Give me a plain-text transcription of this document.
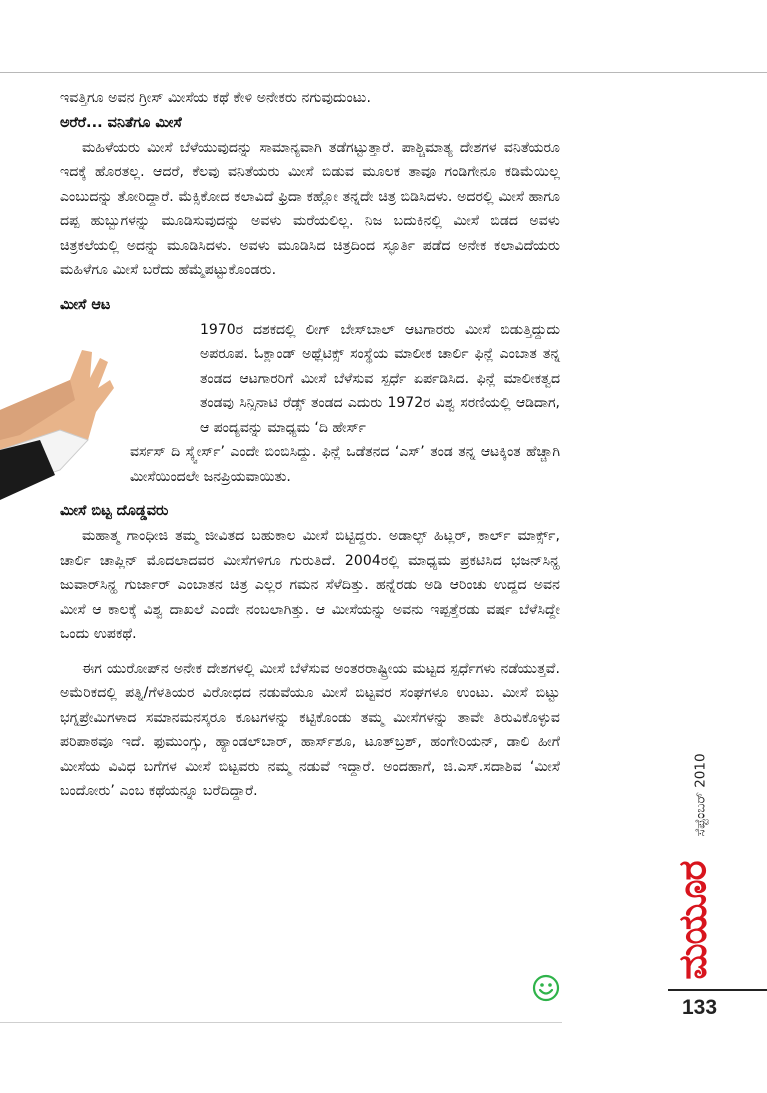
ಇವತ್ತಿಗೂ ಅವನ ಗ್ರೀಸ್ ಮೀಸೆಯ ಕಥೆ ಕೇಳಿ ಅನೇಕರು ನಗುವುದುಂಟು.

ಅರೆರೆ... ವನಿತೆಗೂ ಮೀಸೆ

ಮಹಿಳೆಯರು ಮೀಸೆ ಬೆಳೆಯುವುದನ್ನು ಸಾಮಾನ್ಯವಾಗಿ ತಡೆಗಟ್ಟುತ್ತಾರೆ. ಪಾಶ್ಚಿಮಾತ್ಯ ದೇಶಗಳ ವನಿತೆಯರೂ ಇದಕ್ಕೆ ಹೊರತಲ್ಲ. ಆದರೆ, ಕೆಲವು ವನಿತೆಯರು ಮೀಸೆ ಬಿಡುವ ಮೂಲಕ ತಾವೂ ಗಂಡಿಗೇನೂ ಕಡಿಮೆಯಿಲ್ಲ ಎಂಬುದನ್ನು ತೋರಿದ್ದಾರೆ. ಮೆಕ್ಸಿಕೋದ ಕಲಾವಿದೆ ಫ್ರಿದಾ ಕಹ್ಲೋ ತನ್ನದೇ ಚಿತ್ರ ಬಿಡಿಸಿದಳು. ಅದರಲ್ಲಿ ಮೀಸೆ ಹಾಗೂ ದಪ್ಪ ಹುಬ್ಬುಗಳನ್ನು ಮೂಡಿಸುವುದನ್ನು ಅವಳು ಮರೆಯಲಿಲ್ಲ. ನಿಜ ಬದುಕಿನಲ್ಲಿ ಮೀಸೆ ಬಿಡದ ಅವಳು ಚಿತ್ರಕಲೆಯಲ್ಲಿ ಅದನ್ನು ಮೂಡಿಸಿದಳು. ಅವಳು ಮೂಡಿಸಿದ ಚಿತ್ರದಿಂದ ಸ್ಫೂರ್ತಿ ಪಡೆದ ಅನೇಕ ಕಲಾವಿದೆಯರು ಮಹಿಳೆಗೂ ಮೀಸೆ ಬರೆದು ಹೆಮ್ಮೆಪಟ್ಟುಕೊಂಡರು.

ಮೀಸೆ ಆಟ

1970ರ ದಶಕದಲ್ಲಿ ಲೀಗ್ ಬೇಸ್‌ಬಾಲ್ ಆಟಗಾರರು ಮೀಸೆ ಬಿಡುತ್ತಿದ್ದುದು ಅಪರೂಪ. ಓಕ್ಲಾಂಡ್ ಅಥ್ಲೆಟಿಕ್ಸ್ ಸಂಸ್ಥೆಯ ಮಾಲೀಕ ಚಾರ್ಲಿ ಫಿನ್ಲೆ ಎಂಬಾತ ತನ್ನ ತಂಡದ ಆಟಗಾರರಿಗೆ ಮೀಸೆ ಬೆಳೆಸುವ ಸ್ಪರ್ಧೆ ಏರ್ಪಡಿಸಿದ. ಫಿನ್ಲೆ ಮಾಲೀಕತ್ವದ ತಂಡವು ಸಿನ್ಸಿನಾಟಿ ರೆಡ್ಸ್ ತಂಡದ ಎದುರು 1972ರ ವಿಶ್ವ ಸರಣಿಯಲ್ಲಿ ಆಡಿದಾಗ, ಆ ಪಂದ್ಯವನ್ನು ಮಾಧ್ಯಮ ‘ದಿ ಹೇರ್ಸ್

ವರ್ಸಸ್ ದಿ ಸ್ಕ್ವೇರ್ಸ್’ ಎಂದೇ ಬಿಂಬಿಸಿದ್ದು. ಫಿನ್ಲೆ ಒಡೆತನದ ‘ಎಸ್’ ತಂಡ ತನ್ನ ಆಟಕ್ಕಿಂತ ಹೆಚ್ಚಾಗಿ ಮೀಸೆಯಿಂದಲೇ ಜನಪ್ರಿಯವಾಯಿತು.

ಮೀಸೆ ಬಿಟ್ಟ ದೊಡ್ಡವರು

ಮಹಾತ್ಮ ಗಾಂಧೀಜಿ ತಮ್ಮ ಜೀವಿತದ ಬಹುಕಾಲ ಮೀಸೆ ಬಿಟ್ಟಿದ್ದರು. ಅಡಾಲ್ಫ್ ಹಿಟ್ಲರ್, ಕಾರ್ಲ್ ಮಾರ್ಕ್ಸ್, ಚಾರ್ಲಿ ಚಾಪ್ಲಿನ್ ಮೊದಲಾದವರ ಮೀಸೆಗಳಿಗೂ ಗುರುತಿದೆ. 2004ರಲ್ಲಿ ಮಾಧ್ಯಮ ಪ್ರಕಟಿಸಿದ ಭಜನ್‌ಸಿನ್ಹ ಜುವಾರ್‌ಸಿನ್ಹ ಗುರ್ಜಾರ್ ಎಂಬಾತನ ಚಿತ್ರ ಎಲ್ಲರ ಗಮನ ಸೆಳೆದಿತ್ತು. ಹನ್ನೆರಡು ಅಡಿ ಆರಿಂಚು ಉದ್ದದ ಅವನ ಮೀಸೆ ಆ ಕಾಲಕ್ಕೆ ವಿಶ್ವ ದಾಖಲೆ ಎಂದೇ ನಂಬಲಾಗಿತ್ತು. ಆ ಮೀಸೆಯನ್ನು ಅವನು ಇಪ್ಪತ್ತೆರಡು ವರ್ಷ ಬೆಳೆಸಿದ್ದೇ ಒಂದು ಉಪಕಥೆ.

ಈಗ ಯುರೋಪ್‌ನ ಅನೇಕ ದೇಶಗಳಲ್ಲಿ ಮೀಸೆ ಬೆಳೆಸುವ ಅಂತರರಾಷ್ಟ್ರೀಯ ಮಟ್ಟದ ಸ್ಪರ್ಧೆಗಳು ನಡೆಯುತ್ತವೆ. ಅಮೆರಿಕದಲ್ಲಿ ಪತ್ನಿ/ಗೆಳತಿಯರ ವಿರೋಧದ ನಡುವೆಯೂ ಮೀಸೆ ಬಿಟ್ಟವರ ಸಂಘಗಳೂ ಉಂಟು. ಮೀಸೆ ಬಿಟ್ಟು ಭಗ್ನಪ್ರೇಮಿಗಳಾದ ಸಮಾನಮನಸ್ಕರೂ ಕೂಟಗಳನ್ನು ಕಟ್ಟಿಕೊಂಡು ತಮ್ಮ ಮೀಸೆಗಳನ್ನು ತಾವೇ ತಿರುವಿಕೊಳ್ಳುವ ಪರಿಪಾಠವೂ ಇದೆ. ಫುಮುಂಗ್ಸು, ಹ್ಯಾಂಡಲ್‌ಬಾರ್, ಹಾರ್ಸ್‌ಶೂ, ಟೂತ್‌ಬ್ರಶ್, ಹಂಗೇರಿಯನ್, ಡಾಲಿ ಹೀಗೆ ಮೀಸೆಯ ವಿವಿಧ ಬಗೆಗಳ ಮೀಸೆ ಬಿಟ್ಟವರು ನಮ್ಮ ನಡುವೆ ಇದ್ದಾರೆ. ಅಂದಹಾಗೆ, ಜಿ.ಎಸ್.ಸದಾಶಿವ ‘ಮೀಸೆ ಬಂದೋರು’ ಎಂಬ ಕಥೆಯನ್ನೂ ಬರೆದಿದ್ದಾರೆ.	ಸೆಪ್ಟೆಂಬರ್ 2010
ಮಯೂರ
133
